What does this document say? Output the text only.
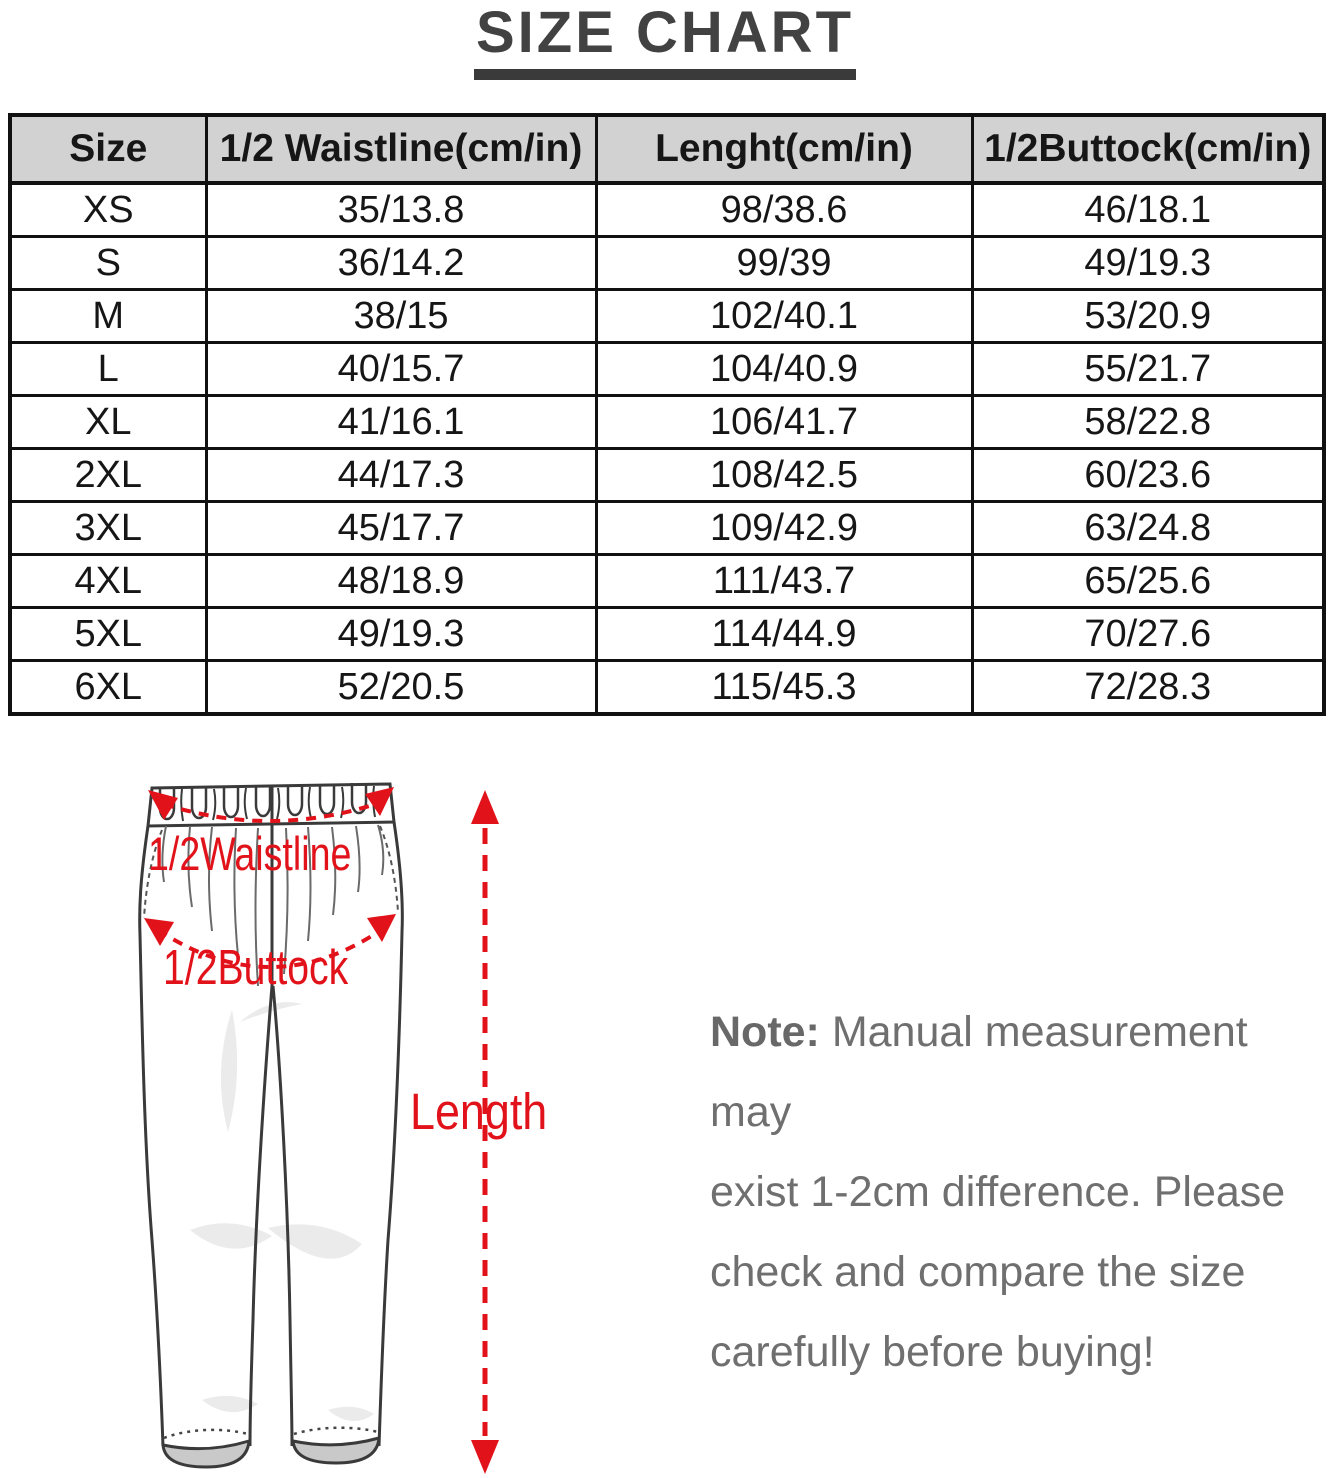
SIZE CHART
Size	1/2 Waistline(cm/in)	Lenght(cm/in)	1/2Buttock(cm/in)
XS	35/13.8	98/38.6	46/18.1
S	36/14.2	99/39	49/19.3
M	38/15	102/40.1	53/20.9
L	40/15.7	104/40.9	55/21.7
XL	41/16.1	106/41.7	58/22.8
2XL	44/17.3	108/42.5	60/23.6
3XL	45/17.7	109/42.9	63/24.8
4XL	48/18.9	111/43.7	65/25.6
5XL	49/19.3	114/44.9	70/27.6
6XL	52/20.5	115/45.3	72/28.3
1/2Waistline
1/2Buttock
Length
Note: Manual measurement may
exist 1-2cm difference. Please
check and compare the size
carefully before buying!
